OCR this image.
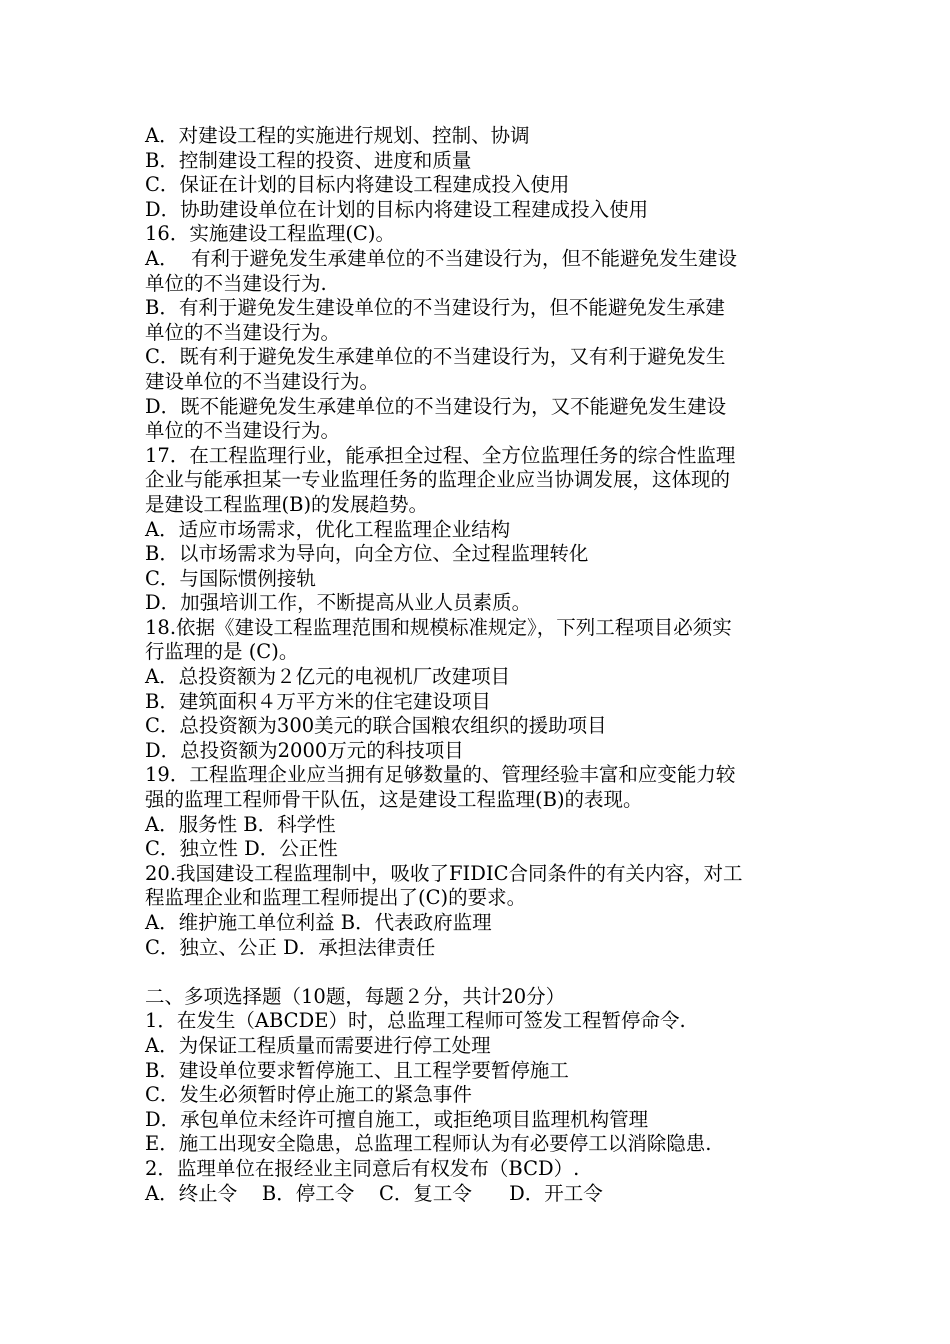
A．对建设工程的实施进行规划、控制、协调
B．控制建设工程的投资、进度和质量
C．保证在计划的目标内将建设工程建成投入使用
D．协助建设单位在计划的目标内将建设工程建成投入使用
16．实施建设工程监理(C)。
A．  有利于避免发生承建单位的不当建设行为，但不能避免发生建设
单位的不当建设行为.
B．有利于避免发生建设单位的不当建设行为，但不能避免发生承建
单位的不当建设行为。
C．既有利于避免发生承建单位的不当建设行为，又有利于避免发生
建设单位的不当建设行为。
D．既不能避免发生承建单位的不当建设行为，又不能避免发生建设
单位的不当建设行为。
17．在工程监理行业，能承担全过程、全方位监理任务的综合性监理
企业与能承担某一专业监理任务的监理企业应当协调发展，这体现的
是建设工程监理(B)的发展趋势。
A．适应市场需求，优化工程监理企业结构
B．以市场需求为导向，向全方位、全过程监理转化
C．与国际惯例接轨
D．加强培训工作，不断提高从业人员素质。
18.依据《建设工程监理范围和规模标准规定》，下列工程项目必须实
行监理的是 (C)。
A．总投资额为２亿元的电视机厂改建项目
B．建筑面积４万平方米的住宅建设项目
C．总投资额为300美元的联合国粮农组织的援助项目
D．总投资额为2000万元的科技项目
19．工程监理企业应当拥有足够数量的、管理经验丰富和应变能力较
强的监理工程师骨干队伍，这是建设工程监理(B)的表现。
A．服务性 B．科学性
C．独立性 D．公正性
20.我国建设工程监理制中，吸收了FIDIC合同条件的有关内容，对工
程监理企业和监理工程师提出了(C)的要求。
A．维护施工单位利益 B．代表政府监理
C．独立、公正 D．承担法律责任
二、多项选择题（10题，每题２分，共计20分）
1．在发生（ABCDE）时，总监理工程师可签发工程暂停命令.
A．为保证工程质量而需要进行停工处理
B．建设单位要求暂停施工、且工程学要暂停施工
C．发生必须暂时停止施工的紧急事件
D．承包单位未经许可擅自施工，或拒绝项目监理机构管理
E．施工出现安全隐患，总监理工程师认为有必要停工以消除隐患.
2．监理单位在报经业主同意后有权发布（BCD）.
A．终止令    B．停工令    C．复工令      D．开工令
